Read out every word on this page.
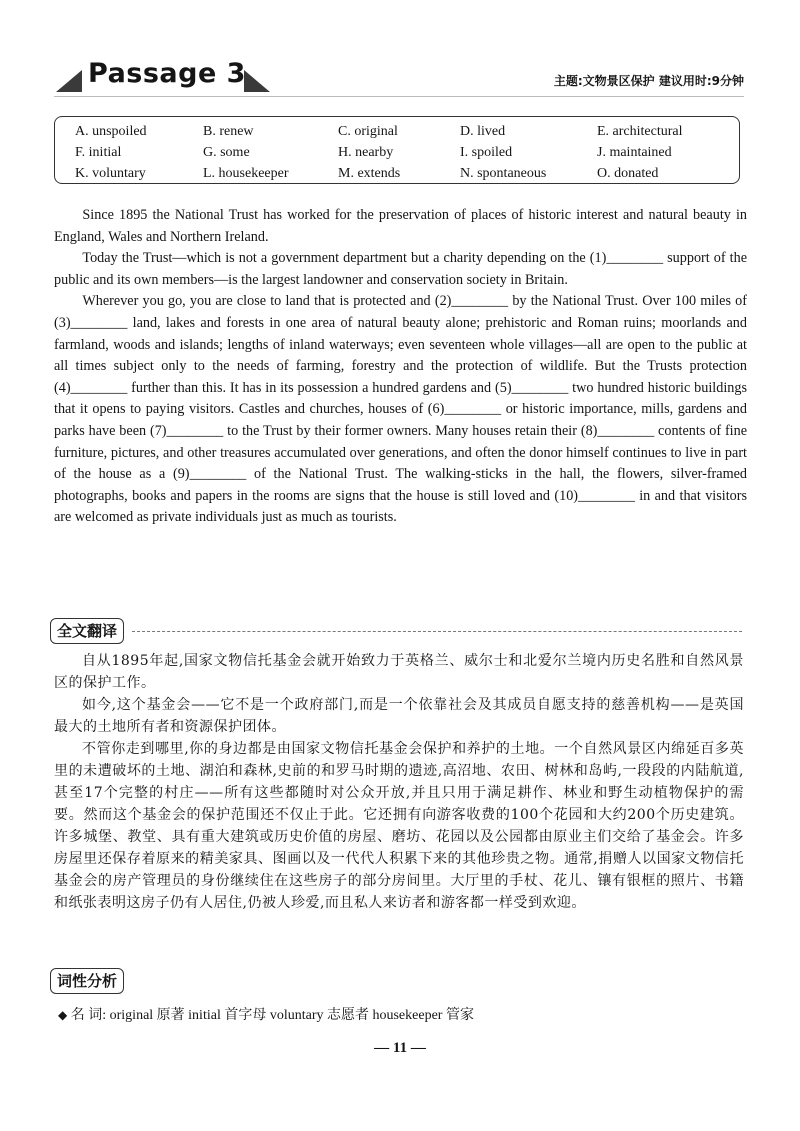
Passage 3	主题:文物景区保护 建议用时:9分钟
A. unspoiled	B. renew	C. original	D. lived	E. architectural
F. initial	G. some	H. nearby	I. spoiled	J. maintained
K. voluntary	L. housekeeper	M. extends	N. spontaneous	O. donated

Since 1895 the National Trust has worked for the preservation of places of historic interest and natural beauty in England, Wales and Northern Ireland.

Today the Trust—which is not a government department but a charity depending on the (1)________ support of the public and its own members—is the largest landowner and conservation society in Britain.

Wherever you go, you are close to land that is protected and (2)________ by the National Trust. Over 100 miles of (3)________ land, lakes and forests in one area of natural beauty alone; prehistoric and Roman ruins; moorlands and farmland, woods and islands; lengths of inland waterways; even seventeen whole villages—all are open to the public at all times subject only to the needs of farming, forestry and the protection of wildlife. But the Trusts protection (4)________ further than this. It has in its possession a hundred gardens and (5)________ two hundred historic buildings that it opens to paying visitors. Castles and churches, houses of (6)________ or historic importance, mills, gardens and parks have been (7)________ to the Trust by their former owners. Many houses retain their (8)________ contents of fine furniture, pictures, and other treasures accumulated over generations, and often the donor himself continues to live in part of the house as a (9)________ of the National Trust. The walking-sticks in the hall, the flowers, silver-framed photographs, books and papers in the rooms are signs that the house is still loved and (10)________ in and that visitors are welcomed as private individuals just as much as tourists.

全文翻译

自从1895年起,国家文物信托基金会就开始致力于英格兰、威尔士和北爱尔兰境内历史名胜和自然风景区的保护工作。

如今,这个基金会——它不是一个政府部门,而是一个依靠社会及其成员自愿支持的慈善机构——是英国最大的土地所有者和资源保护团体。

不管你走到哪里,你的身边都是由国家文物信托基金会保护和养护的土地。一个自然风景区内绵延百多英里的未遭破坏的土地、湖泊和森林,史前的和罗马时期的遗迹,高沼地、农田、树林和岛屿,一段段的内陆航道,甚至17个完整的村庄——所有这些都随时对公众开放,并且只用于满足耕作、林业和野生动植物保护的需要。然而这个基金会的保护范围还不仅止于此。它还拥有向游客收费的100个花园和大约200个历史建筑。许多城堡、教堂、具有重大建筑或历史价值的房屋、磨坊、花园以及公园都由原业主们交给了基金会。许多房屋里还保存着原来的精美家具、图画以及一代代人积累下来的其他珍贵之物。通常,捐赠人以国家文物信托基金会的房产管理员的身份继续住在这些房子的部分房间里。大厅里的手杖、花儿、镶有银框的照片、书籍和纸张表明这房子仍有人居住,仍被人珍爱,而且私人来访者和游客都一样受到欢迎。

词性分析
◆ 名 词: original 原著 initial 首字母 voluntary 志愿者 housekeeper 管家
— 11 —
